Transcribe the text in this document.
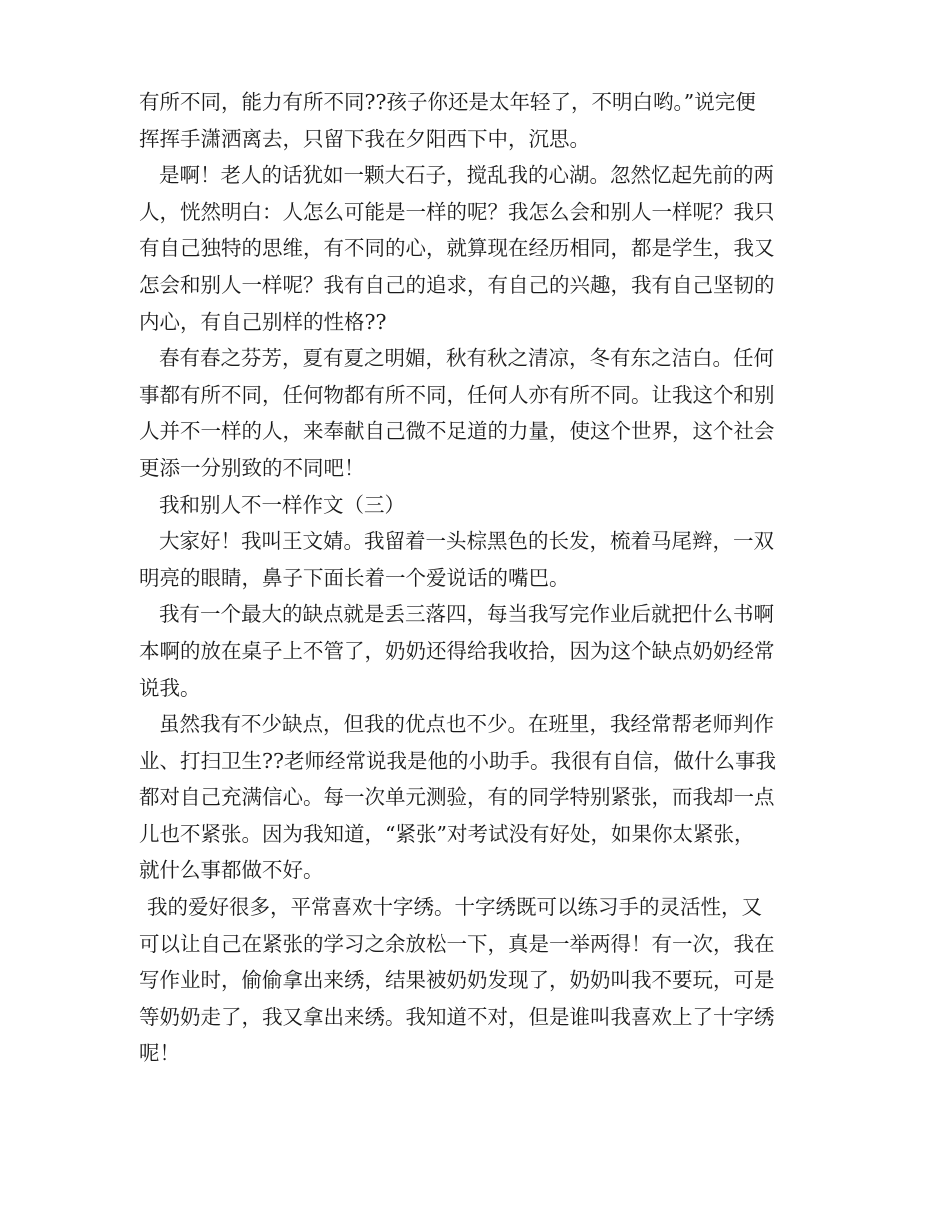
有所不同，能力有所不同??孩子你还是太年轻了，不明白哟。”说完便
挥挥手潇洒离去，只留下我在夕阳西下中，沉思。
是啊！老人的话犹如一颗大石子，搅乱我的心湖。忽然忆起先前的两
人，恍然明白：人怎么可能是一样的呢？我怎么会和别人一样呢？我只
有自己独特的思维，有不同的心，就算现在经历相同，都是学生，我又
怎会和别人一样呢？我有自己的追求，有自己的兴趣，我有自己坚韧的
内心，有自己别样的性格??
春有春之芬芳，夏有夏之明媚，秋有秋之清凉，冬有东之洁白。任何
事都有所不同，任何物都有所不同，任何人亦有所不同。让我这个和别
人并不一样的人，来奉献自己微不足道的力量，使这个世界，这个社会
更添一分别致的不同吧！
我和别人不一样作文（三）
大家好！我叫王文婧。我留着一头棕黑色的长发，梳着马尾辫，一双
明亮的眼睛，鼻子下面长着一个爱说话的嘴巴。
我有一个最大的缺点就是丢三落四，每当我写完作业后就把什么书啊
本啊的放在桌子上不管了，奶奶还得给我收拾，因为这个缺点奶奶经常
说我。
虽然我有不少缺点，但我的优点也不少。在班里，我经常帮老师判作
业、打扫卫生??老师经常说我是他的小助手。我很有自信，做什么事我
都对自己充满信心。每一次单元测验，有的同学特别紧张，而我却一点
儿也不紧张。因为我知道，“紧张”对考试没有好处，如果你太紧张，
就什么事都做不好。
我的爱好很多，平常喜欢十字绣。十字绣既可以练习手的灵活性，又
可以让自己在紧张的学习之余放松一下，真是一举两得！有一次，我在
写作业时，偷偷拿出来绣，结果被奶奶发现了，奶奶叫我不要玩，可是
等奶奶走了，我又拿出来绣。我知道不对，但是谁叫我喜欢上了十字绣
呢！
